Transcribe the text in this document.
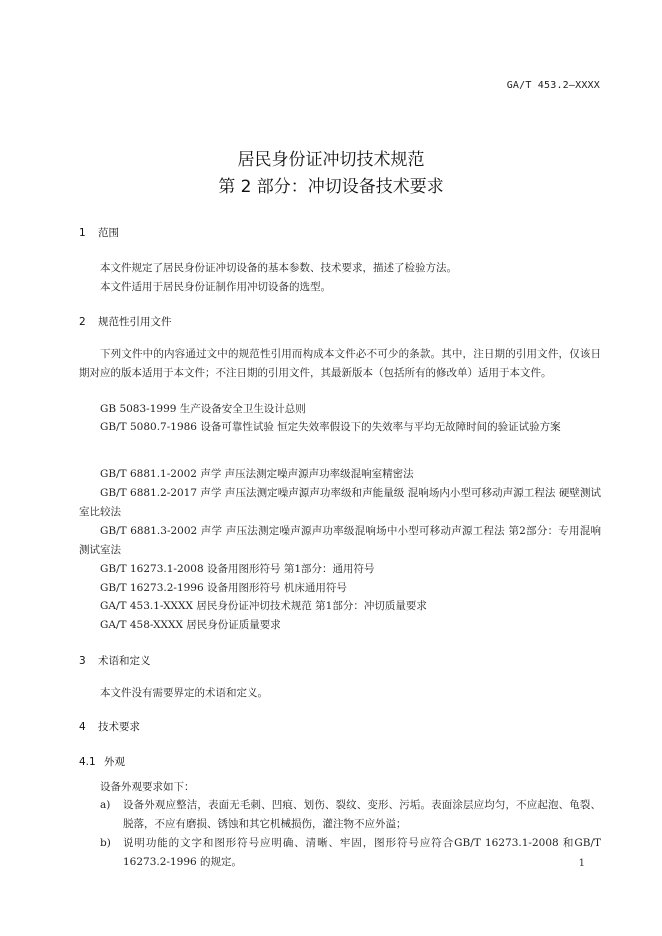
GA/T 453.2—XXXX
居民身份证冲切技术规范
第 2 部分：冲切设备技术要求
1 范围
本文件规定了居民身份证冲切设备的基本参数、技术要求，描述了检验方法。
本文件适用于居民身份证制作用冲切设备的选型。
2 规范性引用文件
下列文件中的内容通过文中的规范性引用而构成本文件必不可少的条款。其中，注日期的引用文件，仅该日期对应的版本适用于本文件；不注日期的引用文件，其最新版本（包括所有的修改单）适用于本文件。
GB 5083-1999 生产设备安全卫生设计总则
GB/T 5080.7-1986 设备可靠性试验 恒定失效率假设下的失效率与平均无故障时间的验证试验方案
GB/T 6881.1-2002 声学 声压法测定噪声源声功率级混响室精密法
GB/T 6881.2-2017 声学 声压法测定噪声源声功率级和声能量级 混响场内小型可移动声源工程法 硬壁测试室比较法
GB/T 6881.3-2002 声学 声压法测定噪声源声功率级混响场中小型可移动声源工程法 第2部分：专用混响测试室法
GB/T 16273.1-2008 设备用图形符号 第1部分：通用符号
GB/T 16273.2-1996 设备用图形符号 机床通用符号
GA/T 453.1-XXXX 居民身份证冲切技术规范 第1部分：冲切质量要求
GA/T 458-XXXX 居民身份证质量要求
3 术语和定义
本文件没有需要界定的术语和定义。
4 技术要求
4.1 外观
设备外观要求如下：
a) 设备外观应整洁，表面无毛刺、凹痕、划伤、裂纹、变形、污垢。表面涂层应均匀，不应起泡、龟裂、脱落，不应有磨损、锈蚀和其它机械损伤，灌注物不应外溢；
b) 说明功能的文字和图形符号应明确、清晰、牢固，图形符号应符合GB/T 16273.1-2008 和GB/T 16273.2-1996 的规定。	1
